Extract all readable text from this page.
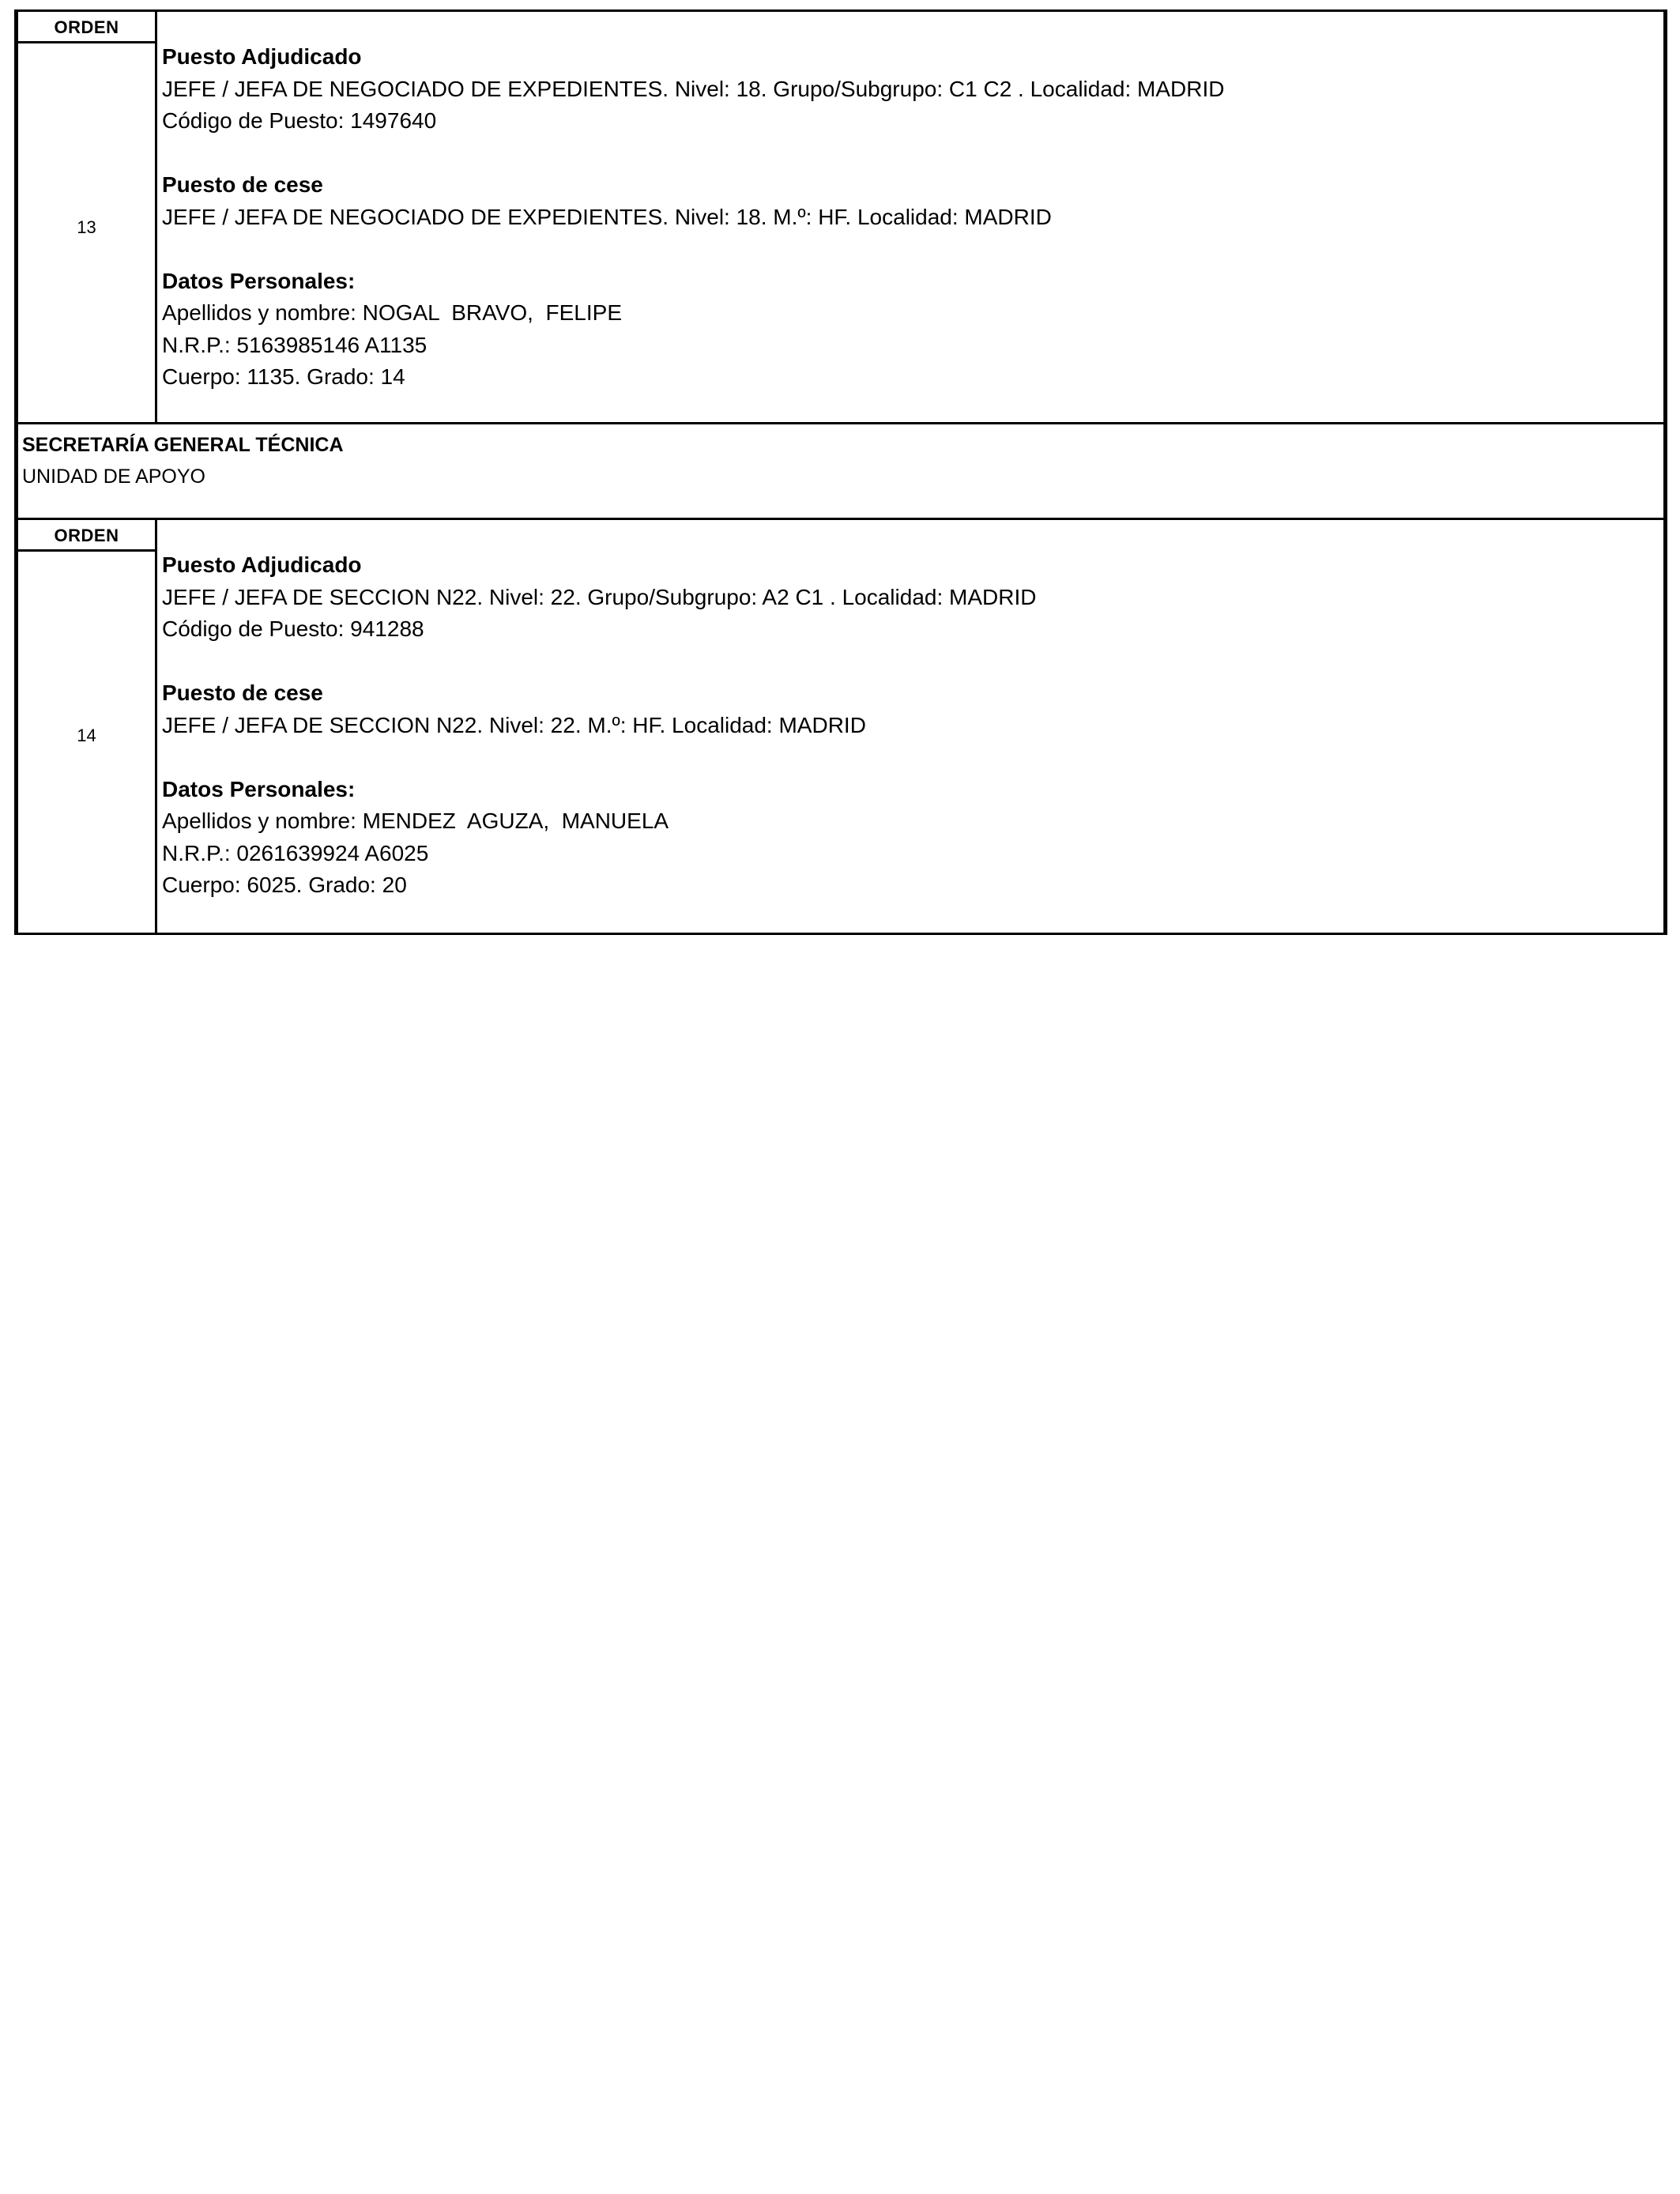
ORDEN
13
Puesto Adjudicado
JEFE / JEFA DE NEGOCIADO DE EXPEDIENTES. Nivel: 18. Grupo/Subgrupo: C1 C2 . Localidad: MADRID
Código de Puesto: 1497640
Puesto de cese
JEFE / JEFA DE NEGOCIADO DE EXPEDIENTES. Nivel: 18. M.º: HF. Localidad: MADRID
Datos Personales:
Apellidos y nombre: NOGAL  BRAVO,  FELIPE
N.R.P.: 5163985146 A1135
Cuerpo: 1135. Grado: 14
SECRETARÍA GENERAL TÉCNICA
UNIDAD DE APOYO
ORDEN
14
Puesto Adjudicado
JEFE / JEFA DE SECCION N22. Nivel: 22. Grupo/Subgrupo: A2 C1 . Localidad: MADRID
Código de Puesto: 941288
Puesto de cese
JEFE / JEFA DE SECCION N22. Nivel: 22. M.º: HF. Localidad: MADRID
Datos Personales:
Apellidos y nombre: MENDEZ  AGUZA,  MANUELA
N.R.P.: 0261639924 A6025
Cuerpo: 6025. Grado: 20
